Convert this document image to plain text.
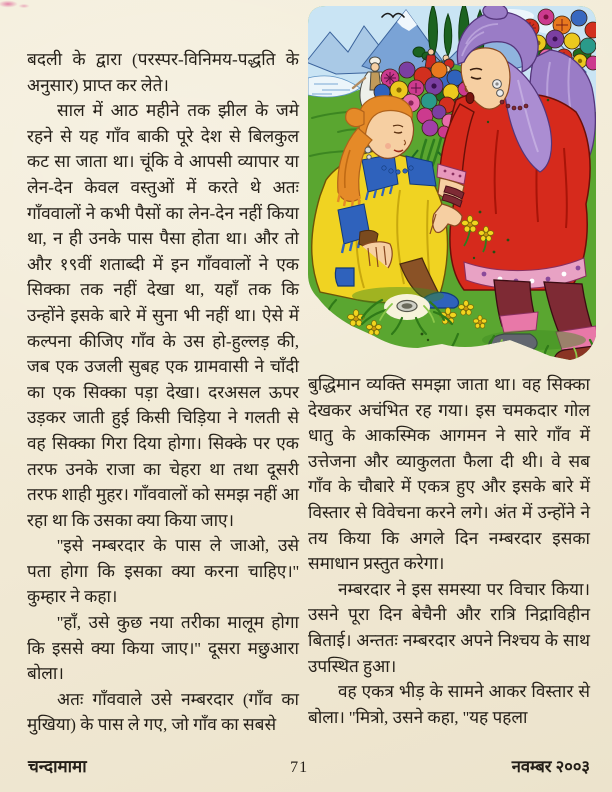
बदली के द्वारा (परस्पर-विनिमय-पद्धति के अनुसार) प्राप्त कर लेते।

साल में आठ महीने तक झील के जमे रहने से यह गाँव बाकी पूरे देश से बिलकुल कट सा जाता था। चूंकि वे आपसी व्यापार या लेन-देन केवल वस्तुओं में करते थे अतः गाँववालों ने कभी पैसों का लेन-देन नहीं किया था, न ही उनके पास पैसा होता था। और तो और १९वीं शताब्दी में इन गाँववालों ने एक सिक्का तक नहीं देखा था, यहाँ तक कि उन्होंने इसके बारे में सुना भी नहीं था। ऐसे में कल्पना कीजिए गाँव के उस हो-हुल्लड़ की, जब एक उजली सुबह एक ग्रामवासी ने चाँदी का एक सिक्का पड़ा देखा। दरअसल ऊपर उड़कर जाती हुई किसी चिड़िया ने गलती से वह सिक्का गिरा दिया होगा। सिक्के पर एक तरफ उनके राजा का चेहरा था तथा दूसरी तरफ शाही मुहर। गाँववालों को समझ नहीं आ रहा था कि उसका क्या किया जाए।

''इसे नम्बरदार के पास ले जाओ, उसे पता होगा कि इसका क्या करना चाहिए।'' कुम्हार ने कहा।

''हाँ, उसे कुछ नया तरीका मालूम होगा कि इससे क्या किया जाए।'' दूसरा मछुआरा बोला।

अतः गाँववाले उसे नम्बरदार (गाँव का मुखिया) के पास ले गए, जो गाँव का सबसे

बुद्धिमान व्यक्ति समझा जाता था। वह सिक्का देखकर अचंभित रह गया। इस चमकदार गोल धातु के आकस्मिक आगमन ने सारे गाँव में उत्तेजना और व्याकुलता फैला दी थी। वे सब गाँव के चौबारे में एकत्र हुए और इसके बारे में विस्तार से विवेचना करने लगे। अंत में उन्होंने ने तय किया कि अगले दिन नम्बरदार इसका समाधान प्रस्तुत करेगा।

नम्बरदार ने इस समस्या पर विचार किया। उसने पूरा दिन बेचैनी और रात्रि निद्राविहीन बिताई। अन्ततः नम्बरदार अपने निश्चय के साथ उपस्थित हुआ।

वह एकत्र भीड़ के सामने आकर विस्तार से बोला। ''मित्रो, उसने कहा, ''यह पहला

चन्दामामा	71	नवम्बर २००३
